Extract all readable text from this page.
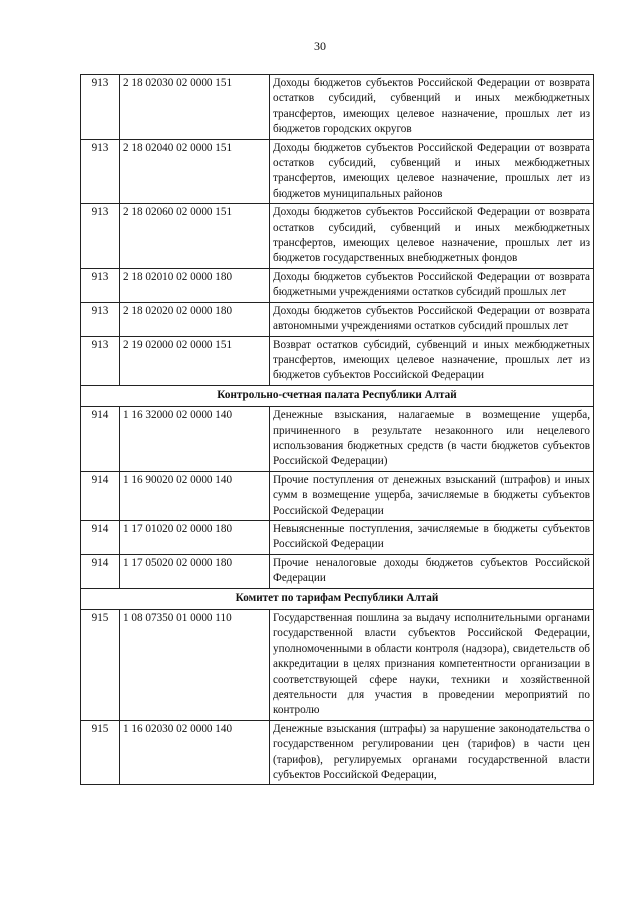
30
913	2 18 02030 02 0000 151	Доходы бюджетов субъектов Российской Федерации от возврата остатков субсидий, субвенций и иных межбюджетных трансфертов, имеющих целевое назначение, прошлых лет из бюджетов городских округов
913	2 18 02040 02 0000 151	Доходы бюджетов субъектов Российской Федерации от возврата остатков субсидий, субвенций и иных межбюджетных трансфертов, имеющих целевое назначение, прошлых лет из бюджетов муниципальных районов
913	2 18 02060 02 0000 151	Доходы бюджетов субъектов Российской Федерации от возврата остатков субсидий, субвенций и иных межбюджетных трансфертов, имеющих целевое назначение, прошлых лет из бюджетов государственных внебюджетных фондов
913	2 18 02010 02 0000 180	Доходы бюджетов субъектов Российской Федерации от возврата бюджетными учреждениями остатков субсидий прошлых лет
913	2 18 02020 02 0000 180	Доходы бюджетов субъектов Российской Федерации от возврата автономными учреждениями остатков субсидий прошлых лет
913	2 19 02000 02 0000 151	Возврат остатков субсидий, субвенций и иных межбюджетных трансфертов, имеющих целевое назначение, прошлых лет из бюджетов субъектов Российской Федерации
Контрольно-счетная палата Республики Алтай		
914	1 16 32000 02 0000 140	Денежные взыскания, налагаемые в возмещение ущерба, причиненного в результате незаконного или нецелевого использования бюджетных средств (в части бюджетов субъектов Российской Федерации)
914	1 16 90020 02 0000 140	Прочие поступления от денежных взысканий (штрафов) и иных сумм в возмещение ущерба, зачисляемые в бюджеты субъектов Российской Федерации
914	1 17 01020 02 0000 180	Невыясненные поступления, зачисляемые в бюджеты субъектов Российской Федерации
914	1 17 05020 02 0000 180	Прочие неналоговые доходы бюджетов субъектов Российской Федерации
Комитет по тарифам Республики Алтай		
915	1 08 07350 01 0000 110	Государственная пошлина за выдачу исполнительными органами государственной власти субъектов Российской Федерации, уполномоченными в области контроля (надзора), свидетельств об аккредитации в целях признания компетентности организации в соответствующей сфере науки, техники и хозяйственной деятельности для участия в проведении мероприятий по контролю
915	1 16 02030 02 0000 140	Денежные взыскания (штрафы) за нарушение законодательства о государственном регулировании цен (тарифов) в части цен (тарифов), регулируемых органами государственной власти субъектов Российской Федерации,
